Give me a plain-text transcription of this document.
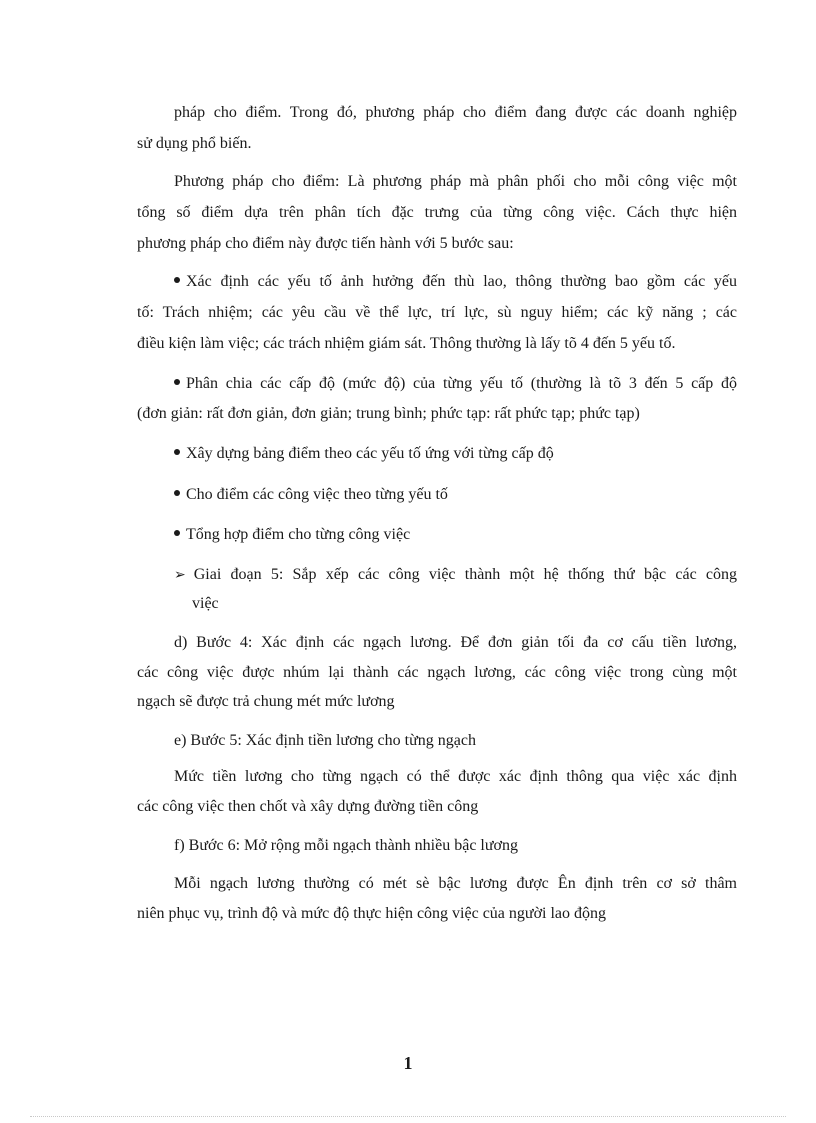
pháp cho điểm. Trong đó, phương pháp cho điểm đang được các doanh nghiệp

sử dụng phổ biến.

Phương pháp cho điểm: Là phương pháp mà phân phối cho mỗi công việc một

tổng số điểm dựa trên phân tích đặc trưng của từng công việc. Cách thực hiện

phương pháp cho điểm này được tiến hành với 5 bước sau:

Xác định các yếu tố ảnh hưởng đến thù lao, thông thường bao gồm các yếu

tố: Trách nhiệm; các yêu cầu về thể lực, trí lực, sù nguy hiểm; các kỹ năng ; các

điều kiện làm việc; các trách nhiệm giám sát. Thông thường là lấy tõ 4 đến 5 yếu tố.

Phân chia các cấp độ (mức độ) của từng yếu tố (thường là tõ 3 đến 5 cấp độ

(đơn giản: rất đơn giản, đơn giản; trung bình; phức tạp: rất phức tạp; phức tạp)

Xây dựng bảng điểm theo các yếu tố ứng với từng cấp độ
Cho điểm các công việc theo từng yếu tố
Tổng hợp điểm cho từng công việc
➢ Giai đoạn 5: Sắp xếp các công việc thành một hệ thống thứ bậc các công

việc

d) Bước 4: Xác định các ngạch lương. Để đơn giản tối đa cơ cấu tiền lương,

các công việc được nhúm lại thành các ngạch lương, các công việc trong cùng một

ngạch sẽ được trả chung mét mức lương

e) Bước 5: Xác định tiền lương cho từng ngạch

Mức tiền lương cho từng ngạch có thể được xác định thông qua việc xác định

các công việc then chốt và xây dựng đường tiền công

f) Bước 6: Mở rộng mỗi ngạch thành nhiều bậc lương

Mỗi ngạch lương thường có mét sè bậc lương được Ên định trên cơ sở thâm

niên phục vụ, trình độ và mức độ thực hiện công việc của người lao động

1
